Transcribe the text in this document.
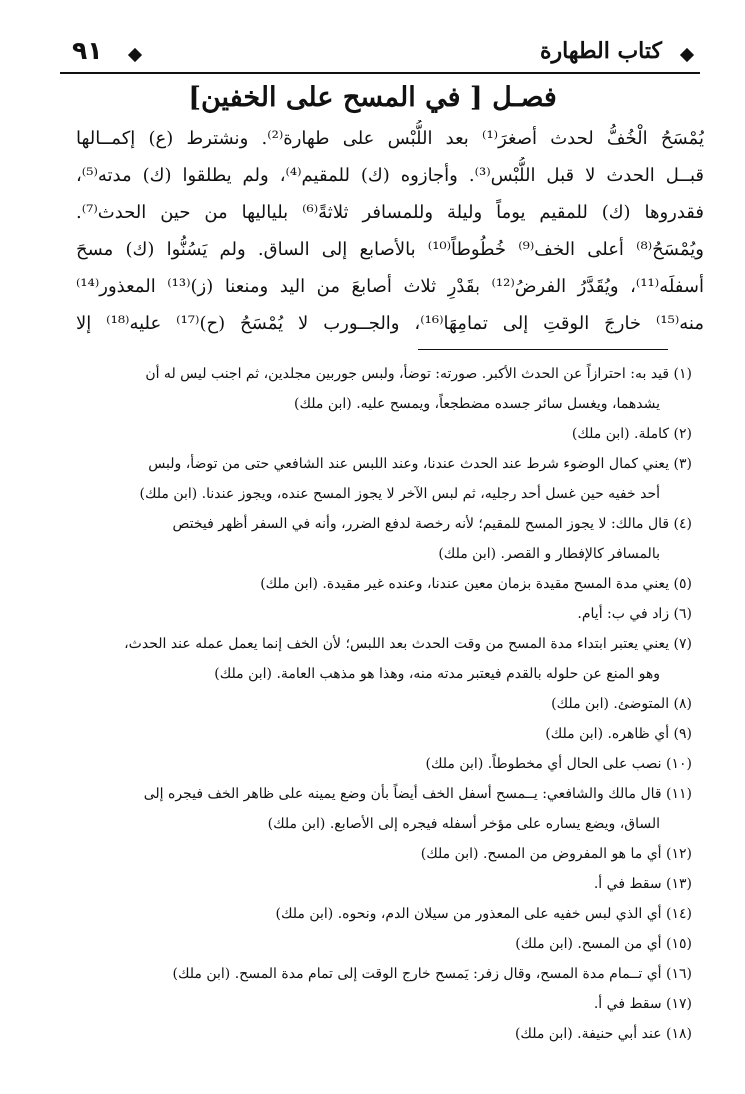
٩١	كتاب الطهارة
فصـل [ في المسح على الخفين]
يُمْسَحُ الْخُفُّ لحدث أصغرَ⁽¹⁾ بعد اللُّبْس على طهارة⁽²⁾. ونشترط (ع) إكمــالها
قبــل الحدث لا قبل اللُّبْس⁽³⁾. وأجازوه (ك) للمقيم⁽⁴⁾، ولم يطلقوا (ك) مدته⁽⁵⁾،
فقدروها (ك) للمقيم يوماً وليلة وللمسافر ثلاثةً⁽⁶⁾ بلياليها من حين الحدث⁽⁷⁾.
ويُمْسَحُ⁽⁸⁾ أعلى الخف⁽⁹⁾ خُطُوطاً⁽¹⁰⁾ بالأصابع إلى الساق. ولم يَسُنُّوا (ك) مسحَ
أسفلَه⁽¹¹⁾، ويُقَدَّرُ الفرضُ⁽¹²⁾ بقَدْرِ ثلاث أصابعَ من اليد ومنعنا (ز)⁽¹³⁾ المعذور⁽¹⁴⁾
منه⁽¹⁵⁾ خارجَ الوقتِ إلى تمامِهَا⁽¹⁶⁾، والجــورب لا يُمْسَحُ (ح)⁽¹⁷⁾ عليه⁽¹⁸⁾ إلا
(١) قيد به: احترازاً عن الحدث الأكبر. صورته: توضأ، ولبس جوربين مجلدين، ثم اجنب ليس له أن
يشدهما، ويغسل سائر جسده مضطجعاً، ويمسح عليه. (ابن ملك)
(٢) كاملة. (ابن ملك)
(٣) يعني كمال الوضوء شرط عند الحدث عندنا، وعند اللبس عند الشافعي حتى من توضأ، ولبس
أحد خفيه حين غسل أحد رجليه، ثم لبس الآخر لا يجوز المسح عنده، ويجوز عندنا. (ابن ملك)
(٤) قال مالك: لا يجوز المسح للمقيم؛ لأنه رخصة لدفع الضرر، وأنه في السفر أظهر فيختص
بالمسافر كالإفطار و القصر. (ابن ملك)
(٥) يعني مدة المسح مقيدة بزمان معين عندنا، وعنده غير مقيدة. (ابن ملك)
(٦) زاد في ب: أيام.
(٧) يعني يعتبر ابتداء مدة المسح من وقت الحدث بعد اللبس؛ لأن الخف إنما يعمل عمله عند الحدث،
وهو المنع عن حلوله بالقدم فيعتبر مدته منه، وهذا هو مذهب العامة. (ابن ملك)
(٨) المتوضئ. (ابن ملك)
(٩) أي ظاهره. (ابن ملك)
(١٠) نصب على الحال أي مخطوطاً. (ابن ملك)
(١١) قال مالك والشافعي: يــمسح أسفل الخف أيضاً بأن وضع يمينه على ظاهر الخف فيجره إلى
الساق، ويضع يساره على مؤخر أسفله فيجره إلى الأصابع. (ابن ملك)
(١٢) أي ما هو المفروض من المسح. (ابن ملك)
(١٣) سقط في أ.
(١٤) أي الذي لبس خفيه على المعذور من سيلان الدم، ونحوه. (ابن ملك)
(١٥) أي من المسح. (ابن ملك)
(١٦) أي تــمام مدة المسح، وقال زفر: يَمسح خارج الوقت إلى تمام مدة المسح. (ابن ملك)
(١٧) سقط في أ.
(١٨) عند أبي حنيفة. (ابن ملك)
